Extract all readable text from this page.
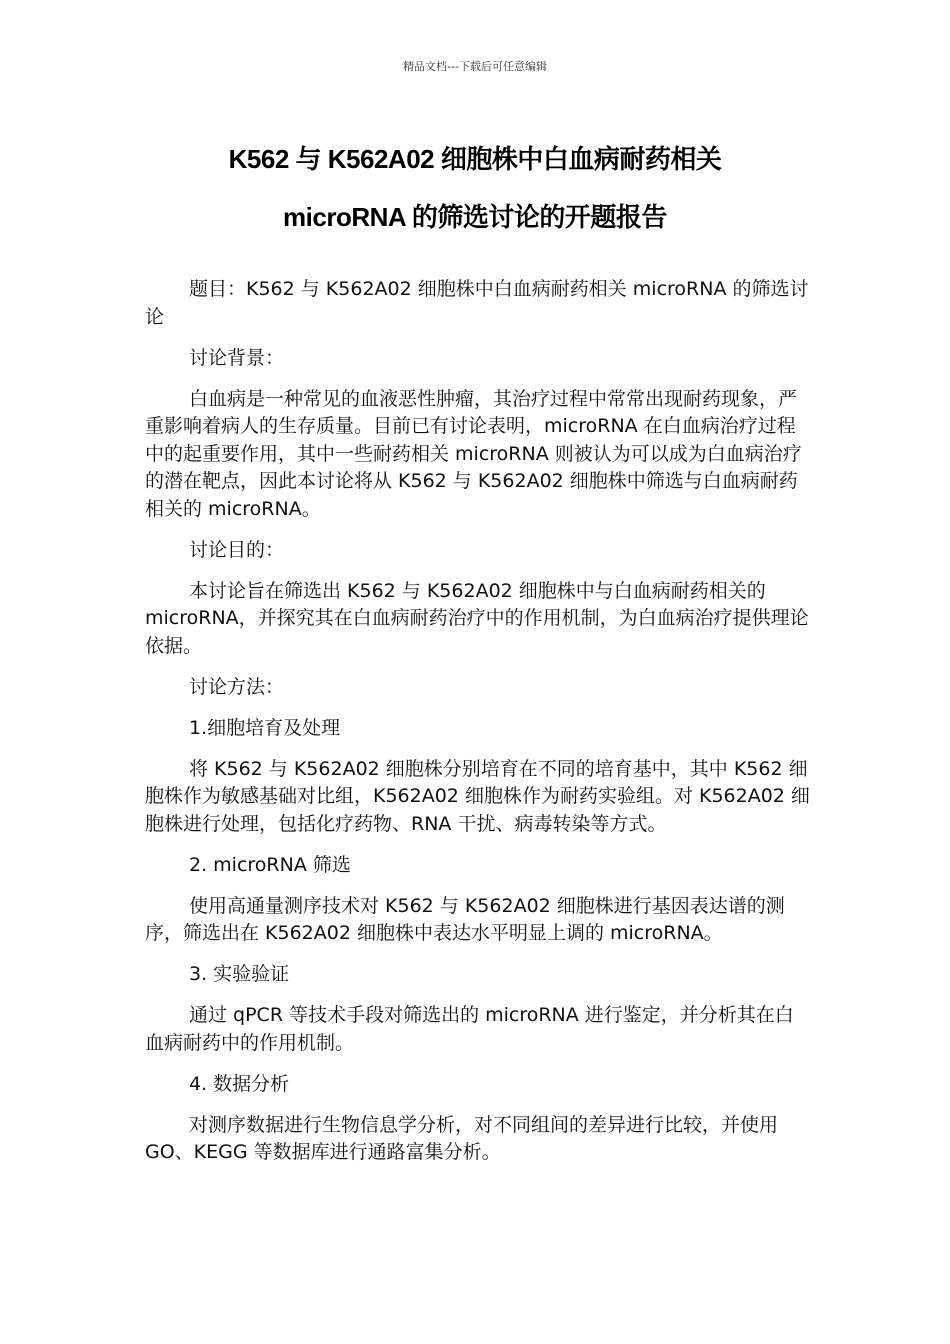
精品文档---下载后可任意编辑
K562 与 K562A02 细胞株中白血病耐药相关
microRNA 的筛选讨论的开题报告

题目：K562 与 K562A02 细胞株中白血病耐药相关 microRNA 的筛选讨论

讨论背景：

白血病是一种常见的血液恶性肿瘤，其治疗过程中常常出现耐药现象，严重影响着病人的生存质量。目前已有讨论表明，microRNA 在白血病治疗过程中的起重要作用，其中一些耐药相关 microRNA 则被认为可以成为白血病治疗的潜在靶点，因此本讨论将从 K562 与 K562A02 细胞株中筛选与白血病耐药相关的 microRNA。

讨论目的：

本讨论旨在筛选出 K562 与 K562A02 细胞株中与白血病耐药相关的 microRNA，并探究其在白血病耐药治疗中的作用机制，为白血病治疗提供理论依据。

讨论方法：

1.细胞培育及处理

将 K562 与 K562A02 细胞株分别培育在不同的培育基中，其中 K562 细胞株作为敏感基础对比组，K562A02 细胞株作为耐药实验组。对 K562A02 细胞株进行处理，包括化疗药物、RNA 干扰、病毒转染等方式。

2. microRNA 筛选

使用高通量测序技术对 K562 与 K562A02 细胞株进行基因表达谱的测序，筛选出在 K562A02 细胞株中表达水平明显上调的 microRNA。

3. 实验验证

通过 qPCR 等技术手段对筛选出的 microRNA 进行鉴定，并分析其在白血病耐药中的作用机制。

4. 数据分析

对测序数据进行生物信息学分析，对不同组间的差异进行比较，并使用 GO、KEGG 等数据库进行通路富集分析。
